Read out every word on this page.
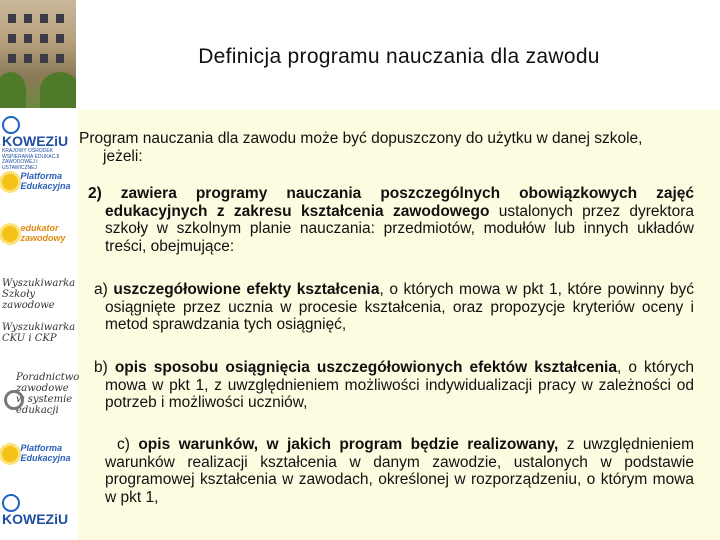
KOWEZiU
KRAJOWY OŚRODEK WSPIERANIA EDUKACJI ZAWODOWEJ I USTAWICZNEJ
Platforma Edukacyjna
edukator zawodowy
Wyszukiwarka Szkoły zawodowe
Wyszukiwarka CKU i CKP
Poradnictwo zawodowe w systemie edukacji
Platforma Edukacyjna
KOWEZiU
Definicja programu nauczania dla zawodu
Program nauczania dla zawodu może być dopuszczony do użytku w danej szkole,
jeżeli:
2) zawiera programy nauczania poszczególnych obowiązkowych zajęć edukacyjnych z zakresu kształcenia zawodowego ustalonych przez dyrektora szkoły w szkolnym planie nauczania: przedmiotów, modułów lub innych układów treści, obejmujące:
a) uszczegółowione efekty kształcenia, o których mowa w pkt 1, które powinny być osiągnięte przez ucznia w procesie kształcenia, oraz propozycje kryteriów oceny i metod sprawdzania tych osiągnięć,
b) opis sposobu osiągnięcia uszczegółowionych efektów kształcenia, o których mowa w pkt 1, z uwzględnieniem możliwości indywidualizacji pracy w zależności od potrzeb i możliwości uczniów,
c) opis warunków, w jakich program będzie realizowany, z uwzględnieniem warunków realizacji kształcenia w danym zawodzie, ustalonych w podstawie programowej kształcenia w zawodach, określonej w rozporządzeniu, o którym mowa w pkt 1,
